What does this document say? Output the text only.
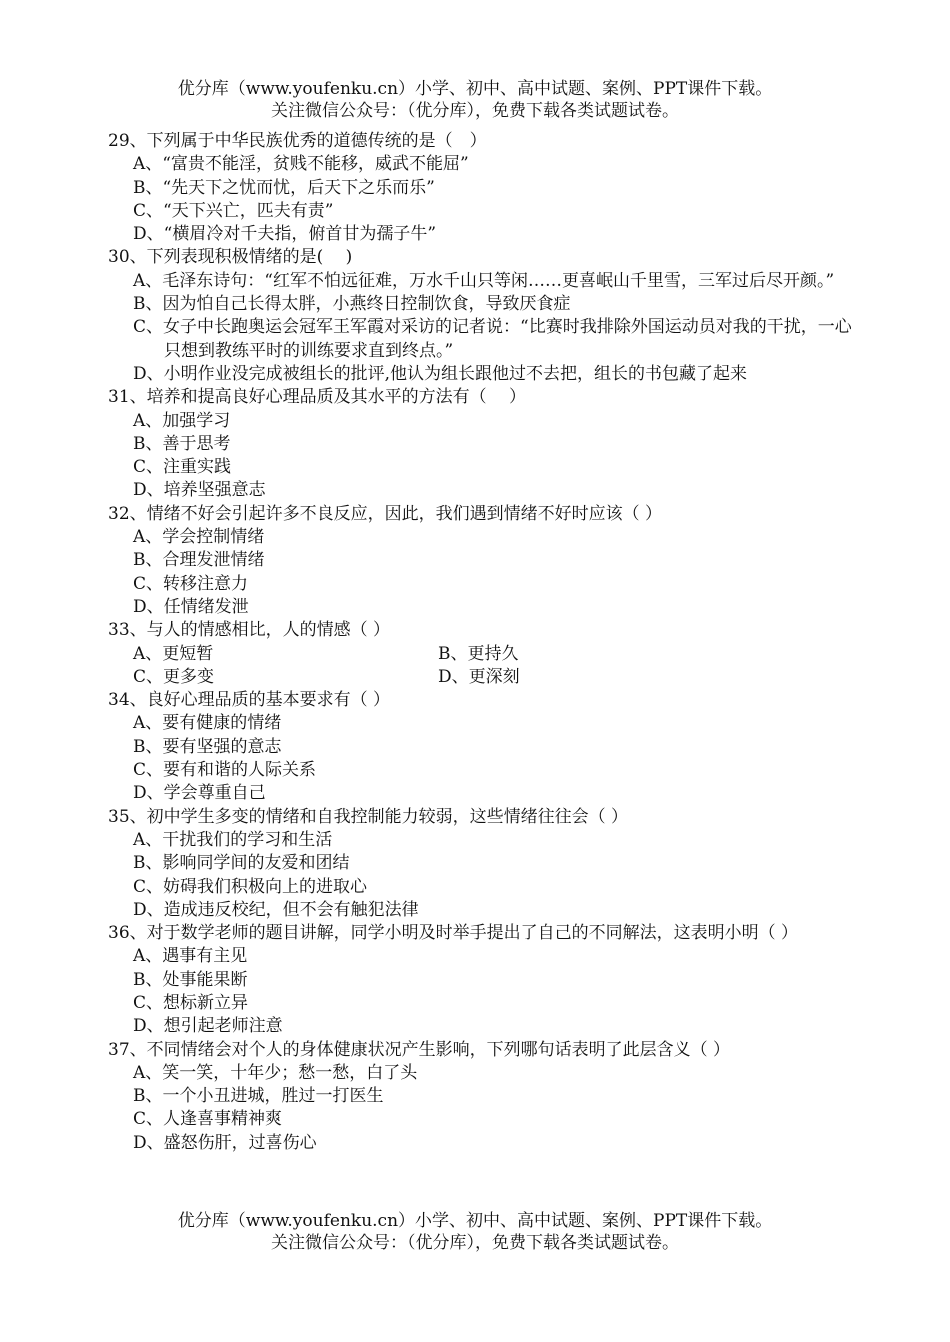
优分库（www.youfenku.cn）小学、初中、高中试题、案例、PPT课件下载。
关注微信公众号：（优分库），免费下载各类试题试卷。
29、下列属于中华民族优秀的道德传统的是（　）
A、“富贵不能淫，贫贱不能移，威武不能屈”
B、“先天下之忧而忧，后天下之乐而乐”
C、“天下兴亡，匹夫有责”
D、“横眉冷对千夫指，俯首甘为孺子牛”
30、下列表现积极情绪的是(　 )
A、毛泽东诗句：“红军不怕远征难，万水千山只等闲……更喜岷山千里雪，三军过后尽开颜。”
B、因为怕自己长得太胖，小燕终日控制饮食，导致厌食症
C、女子中长跑奥运会冠军王军霞对采访的记者说：“比赛时我排除外国运动员对我的干扰，一心只想到教练平时的训练要求直到终点。”
D、小明作业没完成被组长的批评,他认为组长跟他过不去把，组长的书包藏了起来
31、培养和提高良好心理品质及其水平的方法有（　 ）
A、加强学习
B、善于思考
C、注重实践
D、培养坚强意志
32、情绪不好会引起许多不良反应，因此，我们遇到情绪不好时应该（ ）
A、学会控制情绪
B、合理发泄情绪
C、转移注意力
D、任情绪发泄
33、与人的情感相比，人的情感（ ）
A、更短暂	B、更持久
C、更多变	D、更深刻
34、良好心理品质的基本要求有（ ）
A、要有健康的情绪
B、要有坚强的意志
C、要有和谐的人际关系
D、学会尊重自己
35、初中学生多变的情绪和自我控制能力较弱，这些情绪往往会（ ）
A、干扰我们的学习和生活
B、影响同学间的友爱和团结
C、妨碍我们积极向上的进取心
D、造成违反校纪，但不会有触犯法律
36、对于数学老师的题目讲解，同学小明及时举手提出了自己的不同解法，这表明小明（ ）
A、遇事有主见
B、处事能果断
C、想标新立异
D、想引起老师注意
37、不同情绪会对个人的身体健康状况产生影响，下列哪句话表明了此层含义（ ）
A、笑一笑，十年少；愁一愁，白了头
B、一个小丑进城，胜过一打医生
C、人逢喜事精神爽
D、盛怒伤肝，过喜伤心
优分库（www.youfenku.cn）小学、初中、高中试题、案例、PPT课件下载。
关注微信公众号：（优分库），免费下载各类试题试卷。
